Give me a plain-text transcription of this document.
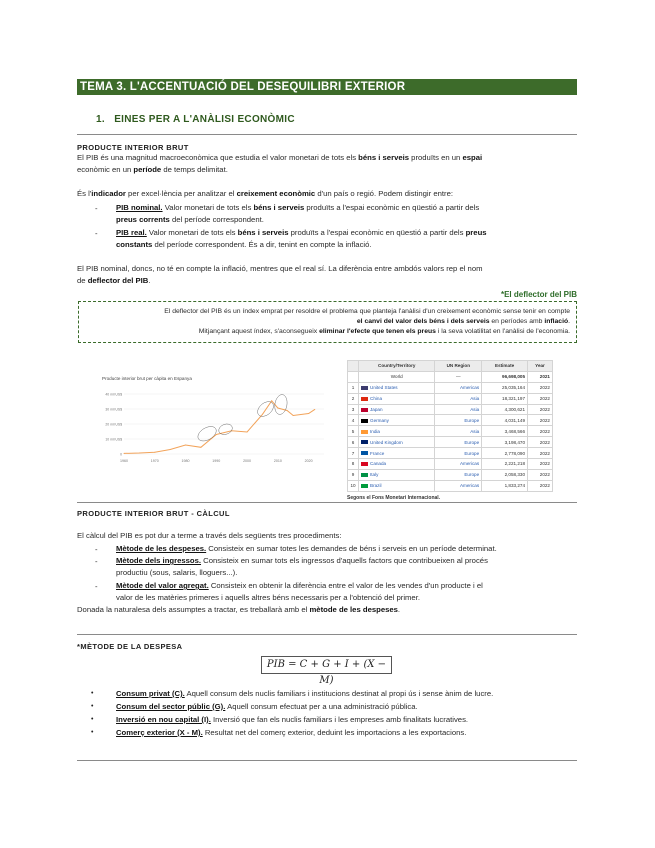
TEMA 3. L'ACCENTUACIÓ DEL DESEQUILIBRI EXTERIOR
1. EINES PER A L'ANÀLISI ECONÒMIC
PRODUCTE INTERIOR BRUT
El PIB és una magnitud macroeconòmica que estudia el valor monetari de tots els béns i serveis produïts en un espai
econòmic en un període de temps delimitat.
És l'indicador per excel·lència per analitzar el creixement econòmic d'un país o regió. Podem distingir entre:
- PIB nominal. Valor monetari de tots els béns i serveis produïts a l'espai econòmic en qüestió a partir dels
preus corrents del període correspondent.
- PIB real. Valor monetari de tots els béns i serveis produïts a l'espai econòmic en qüestió a partir dels preus
constants del període correspondent. És a dir, tenint en compte la inflació.
El PIB nominal, doncs, no té en compte la inflació, mentres que el real sí. La diferència entre ambdós valors rep el nom
de deflector del PIB.
*El deflector del PIB
El deflector del PIB és un índex emprat per resoldre el problema que planteja l'anàlisi d'un creixement econòmic sense tenir en compte
el canvi del valor dels béns i dels serveis en períodes amb inflació.
Mitjançant aquest índex, s'aconsegueix eliminar l'efecte que tenen els preus i la seva volatilitat en l'anàlisi de l'economia.
Producte interior brut per càpita en Espanya
40 mil US$
30 mil US$
20 mil US$
10 mil US$
0
1960	1970	1980	1990	2000	2010	2020
	Country/Territory	UN Region	Estimate	Year
	World	—	96,698,005	2021
1	United States	Americas	25,035,164	2022
2	China	Asia	18,321,197	2022
3	Japan	Asia	4,300,621	2022
4	Germany	Europe	4,031,149	2022
5	India	Asia	3,468,566	2022
6	United Kingdom	Europe	3,198,470	2022
7	France	Europe	2,778,090	2022
8	Canada	Americas	2,221,218	2022
9	Italy	Europe	2,058,330	2022
10	Brazil	Americas	1,833,274	2022
Segons el Fons Monetari Internacional.
PRODUCTE INTERIOR BRUT - CÀLCUL
El càlcul del PIB es pot dur a terme a través dels següents tres procediments:
- Mètode de les despeses. Consisteix en sumar totes les demandes de béns i serveis en un període determinat.
- Mètode dels ingressos. Consisteix en sumar tots els ingressos d'aquells factors que contribueixen al procés
productiu (sous, salaris, lloguers...).
- Mètode del valor agregat. Consisteix en obtenir la diferència entre el valor de les vendes d'un producte i el
valor de les matèries primeres i aquells altres béns necessaris per a l'obtenció del primer.
Donada la naturalesa dels assumptes a tractar, es treballarà amb el mètode de les despeses.
*MÈTODE DE LA DESPESA
PIB = C + G + I + (X − M)
•	Consum privat (C). Aquell consum dels nuclis familiars i institucions destinat al propi ús i sense ànim de lucre.
•	Consum del sector públic (G). Aquell consum efectuat per a una administració pública.
•	Inversió en nou capital (I). Inversió que fan els nuclis familiars i les empreses amb finalitats lucratives.
•	Comerç exterior (X - M). Resultat net del comerç exterior, deduint les importacions a les exportacions.
